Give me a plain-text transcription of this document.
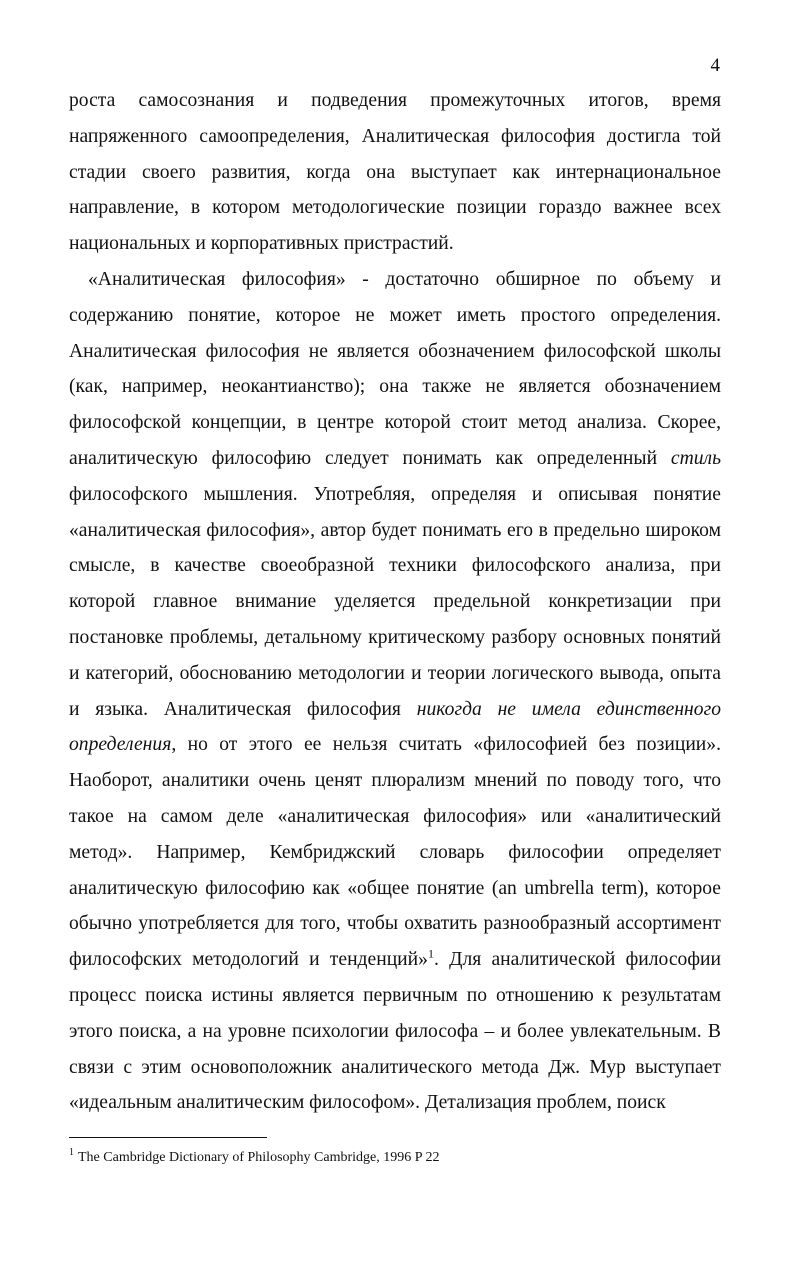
4

роста самосознания и подведения промежуточных итогов, время напряженного самоопределения, Аналитическая философия достигла той стадии своего развития, когда она выступает как интернациональное направление, в котором методологические позиции гораздо важнее всех национальных и корпоративных пристрастий.

«Аналитическая философия» - достаточно обширное по объему и содержанию понятие, которое не может иметь простого определения. Аналитическая философия не является обозначением философской школы (как, например, неокантианство); она также не является обозначением философской концепции, в центре которой стоит метод анализа. Скорее, аналитическую философию следует понимать как определенный стиль философского мышления. Употребляя, определяя и описывая понятие «аналитическая философия», автор будет понимать его в предельно широком смысле, в качестве своеобразной техники философского анализа, при которой главное внимание уделяется предельной конкретизации при постановке проблемы, детальному критическому разбору основных понятий и категорий, обоснованию методологии и теории логического вывода, опыта и языка. Аналитическая философия никогда не имела единственного определения, но от этого ее нельзя считать «философией без позиции». Наоборот, аналитики очень ценят плюрализм мнений по поводу того, что такое на самом деле «аналитическая философия» или «аналитический метод». Например, Кембриджский словарь философии определяет аналитическую философию как «общее понятие (an umbrella term), которое обычно употребляется для того, чтобы охватить разнообразный ассортимент философских методологий и тенденций»$^1$. Для аналитической философии процесс поиска истины является первичным по отношению к результатам этого поиска, а на уровне психологии философа – и более увлекательным. В связи с этим основоположник аналитического метода Дж. Мур выступает «идеальным аналитическим философом». Детализация проблем, поиск

$^1$ The Cambridge Dictionary of Philosophy Cambridge, 1996 P 22
